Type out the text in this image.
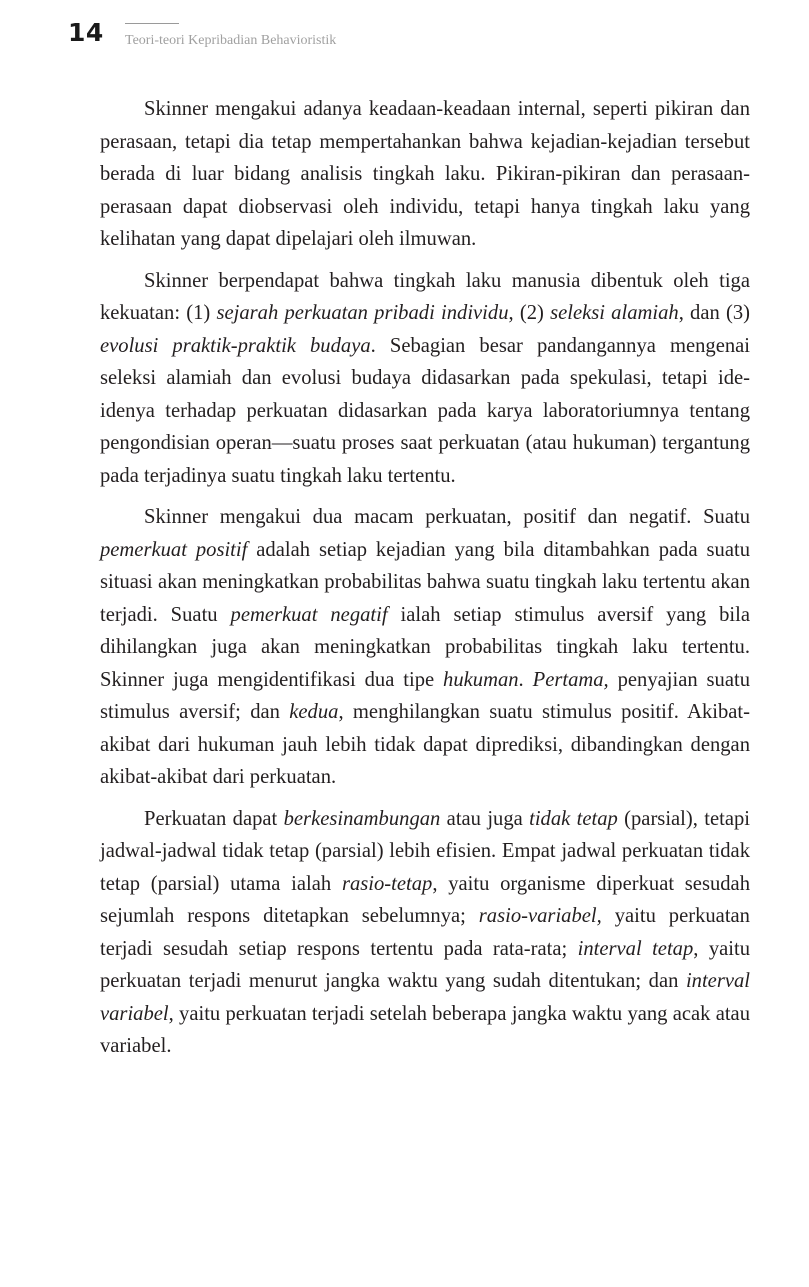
14 Teori-teori Kepribadian Behavioristik

Skinner mengakui adanya keadaan-keadaan internal, seperti pikiran dan perasaan, tetapi dia tetap mempertahankan bahwa kejadian-kejadian tersebut berada di luar bidang analisis tingkah laku. Pikiran-pikiran dan perasaan-perasaan dapat diobservasi oleh individu, tetapi hanya tingkah laku yang kelihatan yang dapat dipelajari oleh ilmuwan.

Skinner berpendapat bahwa tingkah laku manusia dibentuk oleh tiga kekuatan: (1) sejarah perkuatan pribadi individu, (2) seleksi alamiah, dan (3) evolusi praktik-praktik budaya. Sebagian besar pandangannya mengenai seleksi alamiah dan evolusi budaya didasarkan pada spekulasi, tetapi ide-idenya terhadap perkuatan didasarkan pada karya laboratoriumnya tentang pengondisian operan—suatu proses saat perkuatan (atau hukuman) tergantung pada terjadinya suatu tingkah laku tertentu.

Skinner mengakui dua macam perkuatan, positif dan negatif. Suatu pemerkuat positif adalah setiap kejadian yang bila ditambahkan pada suatu situasi akan meningkatkan probabilitas bahwa suatu tingkah laku tertentu akan terjadi. Suatu pemerkuat negatif ialah setiap stimulus aversif yang bila dihilangkan juga akan meningkatkan probabilitas tingkah laku tertentu. Skinner juga mengidentifikasi dua tipe hukuman. Pertama, penyajian suatu stimulus aversif; dan kedua, menghilangkan suatu stimulus positif. Akibat-akibat dari hukuman jauh lebih tidak dapat diprediksi, dibandingkan dengan akibat-akibat dari perkuatan.

Perkuatan dapat berkesinambungan atau juga tidak tetap (parsial), tetapi jadwal-jadwal tidak tetap (parsial) lebih efisien. Empat jadwal perkuatan tidak tetap (parsial) utama ialah rasio-tetap, yaitu organisme diperkuat sesudah sejumlah respons ditetapkan sebelumnya; rasio-variabel, yaitu perkuatan terjadi sesudah setiap respons tertentu pada rata-rata; interval tetap, yaitu perkuatan terjadi menurut jangka waktu yang sudah ditentukan; dan interval variabel, yaitu perkuatan terjadi setelah beberapa jangka waktu yang acak atau variabel.
